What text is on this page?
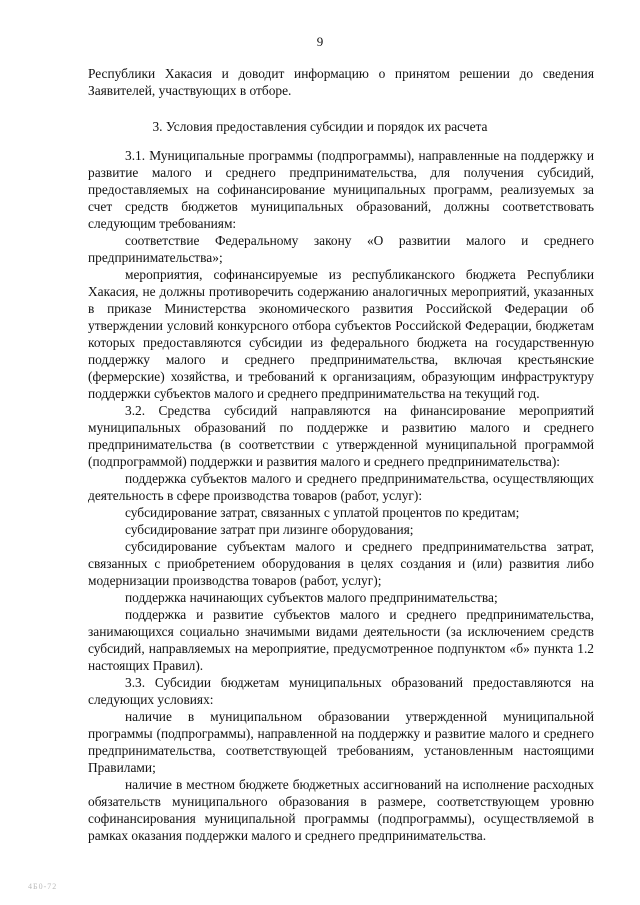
9

Республики Хакасия и доводит информацию о принятом решении до сведения Заявителей, участвующих в отборе.

3. Условия предоставления субсидии и порядок их расчета

3.1. Муниципальные программы (подпрограммы), направленные на поддержку и развитие малого и среднего предпринимательства, для получения субсидий, предоставляемых на софинансирование муниципальных программ, реализуемых за счет средств бюджетов муниципальных образований, должны соответствовать следующим требованиям:

соответствие Федеральному закону «О развитии малого и среднего предпринимательства»;

мероприятия, софинансируемые из республиканского бюджета Республики Хакасия, не должны противоречить содержанию аналогичных мероприятий, указанных в приказе Министерства экономического развития Российской Федерации об утверждении условий конкурсного отбора субъектов Российской Федерации, бюджетам которых предоставляются субсидии из федерального бюджета на государственную поддержку малого и среднего предпринимательства, включая крестьянские (фермерские) хозяйства, и требований к организациям, образующим инфраструктуру поддержки субъектов малого и среднего предпринимательства на текущий год.

3.2. Средства субсидий направляются на финансирование мероприятий муниципальных образований по поддержке и развитию малого и среднего предпринимательства (в соответствии с утвержденной муниципальной программой (подпрограммой) поддержки и развития малого и среднего предпринимательства):

поддержка субъектов малого и среднего предпринимательства, осуществляющих деятельность в сфере производства товаров (работ, услуг):

субсидирование затрат, связанных с уплатой процентов по кредитам;

субсидирование затрат при лизинге оборудования;

субсидирование субъектам малого и среднего предпринимательства затрат, связанных с приобретением оборудования в целях создания и (или) развития либо модернизации производства товаров (работ, услуг);

поддержка начинающих субъектов малого предпринимательства;

поддержка и развитие субъектов малого и среднего предпринимательства, занимающихся социально значимыми видами деятельности (за исключением средств субсидий, направляемых на мероприятие, предусмотренное подпунктом «б» пункта 1.2 настоящих Правил).

3.3. Субсидии бюджетам муниципальных образований предоставляются на следующих условиях:

наличие в муниципальном образовании утвержденной муниципальной программы (подпрограммы), направленной на поддержку и развитие малого и среднего предпринимательства, соответствующей требованиям, установленным настоящими Правилами;

наличие в местном бюджете бюджетных ассигнований на исполнение расходных обязательств муниципального образования в размере, соответствующем уровню софинансирования муниципальной программы (подпрограммы), осуществляемой в рамках оказания поддержки малого и среднего предпринимательства.

4Б0-72
